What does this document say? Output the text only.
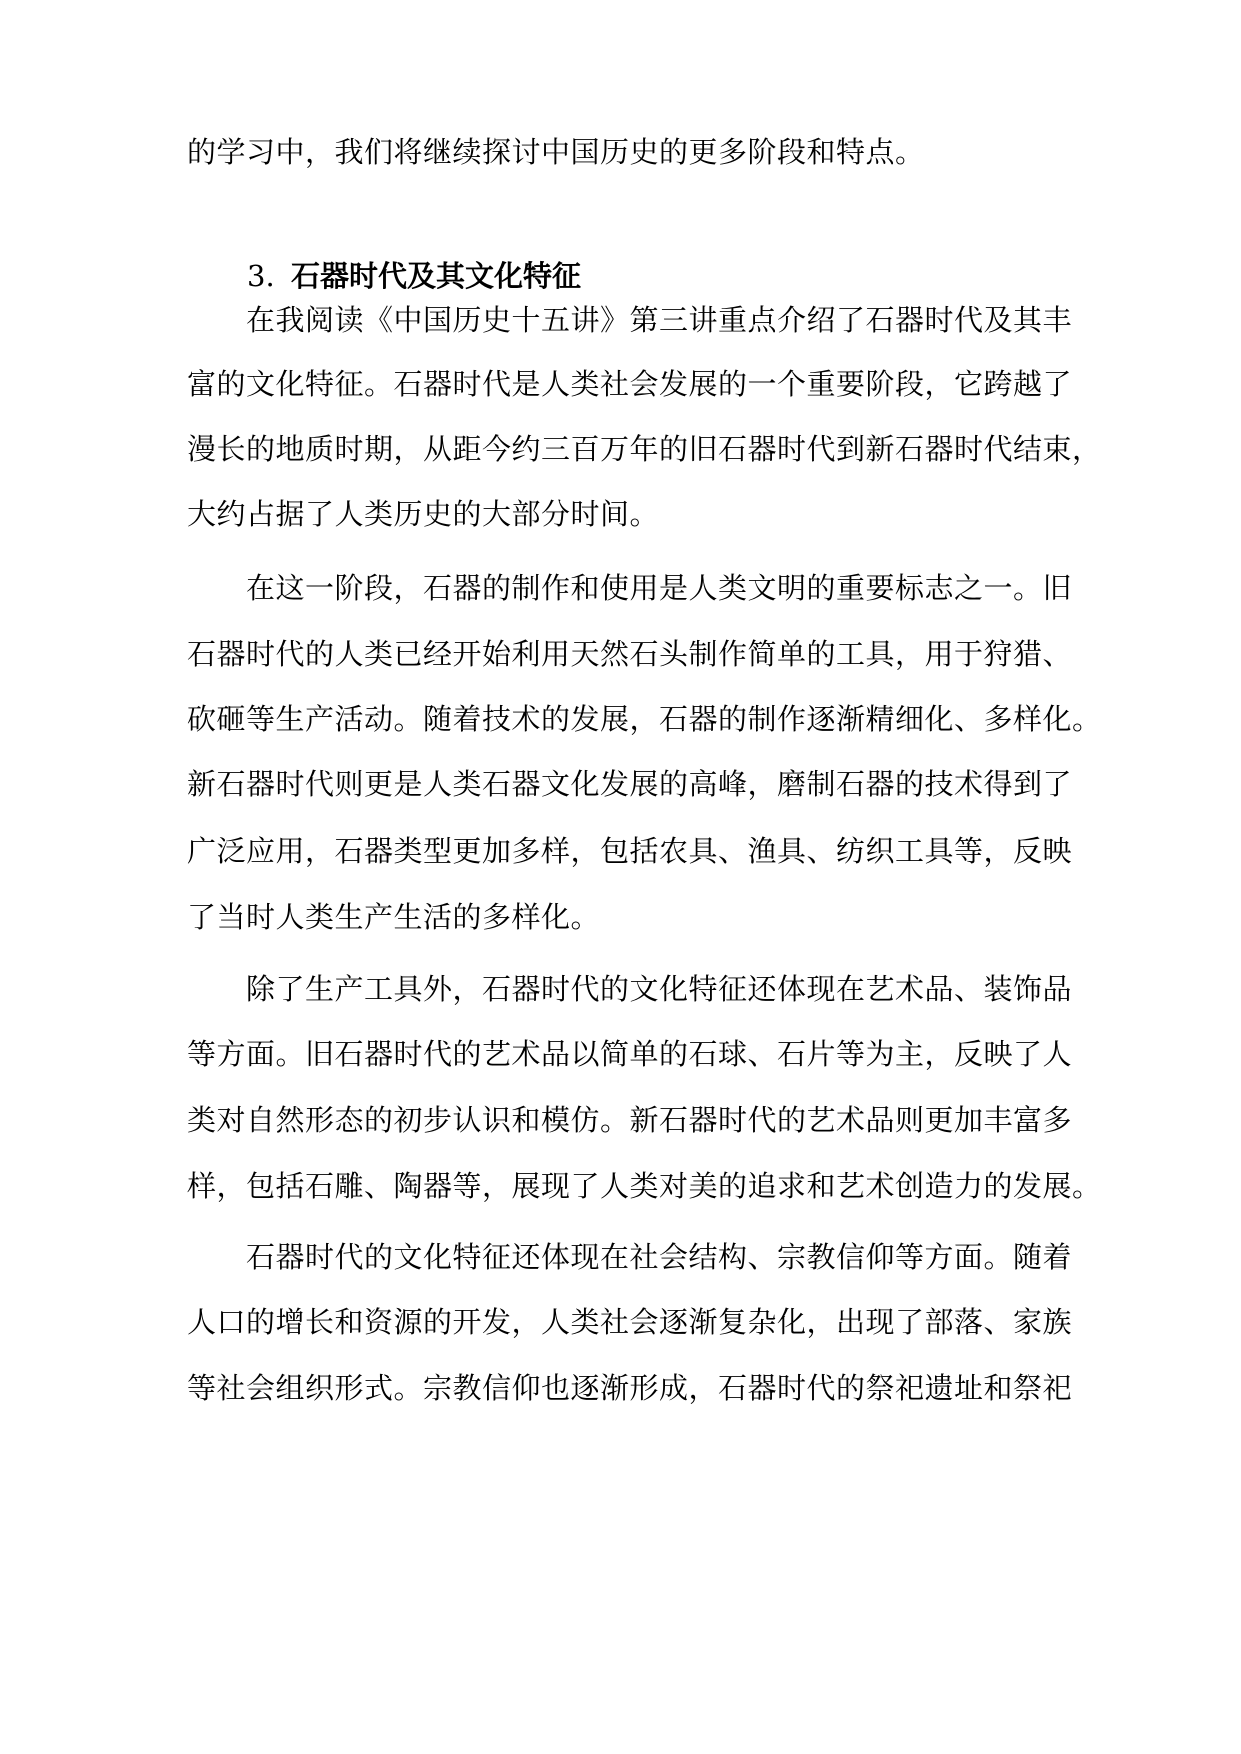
的学习中，我们将继续探讨中国历史的更多阶段和特点。
3. 石器时代及其文化特征
在我阅读《中国历史十五讲》第三讲重点介绍了石器时代及其丰
富的文化特征。石器时代是人类社会发展的一个重要阶段，它跨越了
漫长的地质时期，从距今约三百万年的旧石器时代到新石器时代结束，
大约占据了人类历史的大部分时间。
在这一阶段，石器的制作和使用是人类文明的重要标志之一。旧
石器时代的人类已经开始利用天然石头制作简单的工具，用于狩猎、
砍砸等生产活动。随着技术的发展，石器的制作逐渐精细化、多样化。
新石器时代则更是人类石器文化发展的高峰，磨制石器的技术得到了
广泛应用，石器类型更加多样，包括农具、渔具、纺织工具等，反映
了当时人类生产生活的多样化。
除了生产工具外，石器时代的文化特征还体现在艺术品、装饰品
等方面。旧石器时代的艺术品以简单的石球、石片等为主，反映了人
类对自然形态的初步认识和模仿。新石器时代的艺术品则更加丰富多
样，包括石雕、陶器等，展现了人类对美的追求和艺术创造力的发展。
石器时代的文化特征还体现在社会结构、宗教信仰等方面。随着
人口的增长和资源的开发，人类社会逐渐复杂化，出现了部落、家族
等社会组织形式。宗教信仰也逐渐形成，石器时代的祭祀遗址和祭祀
